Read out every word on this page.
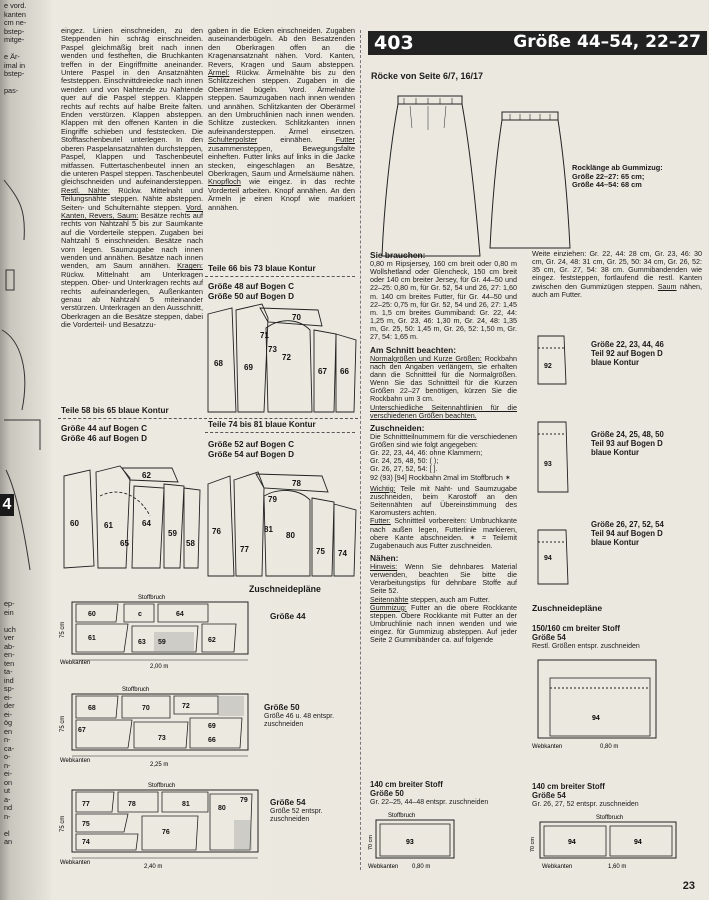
e vord.
kanten
cm ne-
bstep-
mitge-

e Är-
imal in
bstep-

pas-
ep-
ein

uch
ver
ab-
en-
ten
ta-
ind
sp-
ei-
der
ei-
ög
en
n-
ca-
o-
n-
ei-
on
ut
a-
nd
n-

el
an
4

eingez. Linien einschneiden, zu den Steppenden hin schräg einschneiden. Paspel gleichmäßig breit nach innen wenden und festheften, die Bruchkanten treffen in der Eingriffmitte aneinander. Untere Paspel in den Ansatznähten feststeppen. Einschnittdreiecke nach innen wenden und von Nahtende zu Nahtende quer auf die Paspel steppen. Klappen rechts auf rechts auf halbe Breite falten. Enden verstürzen. Klappen absteppen. Klappen mit den offenen Kanten in die Eingriffe schieben und feststecken. Die Stofftaschenbeutel unterlegen. In den oberen Paspelansatznähten durchsteppen, Paspel, Klappen und Taschenbeutel mitfassen. Futtertaschenbeutel innen an die unteren Paspel steppen. Taschenbeutel gleichschneiden und aufeinandersteppen. Restl. Nähte: Rückw. Mittelnaht und Teilungsnähte steppen. Nähte absteppen. Seiten- und Schulternähte steppen. Vord. Kanten, Revers, Saum: Besätze rechts auf rechts von Nahtzahl 5 bis zur Saumkante auf die Vorderteile steppen. Zugaben bei Nahtzahl 5 einschneiden. Besätze nach vorn legen. Saumzugabe nach innen wenden und annähen. Besätze nach innen wenden, am Saum annähen. Kragen: Rückw. Mittelnaht am Unterkragen steppen. Ober- und Unterkragen rechts auf rechts aufeinanderlegen, Außenkanten genau ab Nahtzahl 5 miteinander verstürzen. Unterkragen an den Ausschnitt, Oberkragen an die Besätze steppen, dabei die Vorderteil- und Besatzzu-

Teile 58 bis 65 blaue Kontur
Größe 44 auf Bogen C
Größe 46 auf Bogen D

gaben in die Ecken einschneiden. Zugaben auseinanderbügeln. Ab den Besatzenden den Oberkragen offen an die Kragenansatznaht nähen. Vord. Kanten, Revers, Kragen und Saum absteppen. Ärmel: Rückw. Ärmelnähte bis zu den Schlitzzeichen steppen. Zugaben in die Oberärmel bügeln. Vord. Ärmelnähte steppen. Saumzugaben nach innen wenden und annähen. Schlitzkanten der Oberärmel an den Umbruchlinien nach innen wenden. Schlitze zustecken. Schlitzkanten innen aufeinandersteppen. Ärmel einsetzen. Schulterpolster einnähen.	Futter zusammensteppen, Bewegungsfalte einheften. Futter links auf links in die Jacke stecken, eingeschlagen an Besätze, Oberkragen, Saum und Ärmelsäume nähen. Knopfloch wie eingez. in das rechte Vorderteil arbeiten. Knopf annähen. An den Ärmeln je einen Knopf wie markiert annähen.

Teile 66 bis 73 blaue Kontur
Größe 48 auf Bogen C
Größe 50 auf Bogen D
Teile 74 bis 81 blaue Kontur
Größe 52 auf Bogen C
Größe 54 auf Bogen D
60	61
62
64
59
58
65
68	69
70
72
73
71
67 66
76
77
78
79
81
80
75 74
Zuschneidepläne
Stoffbruch
60
61
c	64
59	62
63
75 cm
Webkanten
2,00 m
Größe 44
Stoffbruch
68	70
67
73
69
66
72
75 cm
Webkanten
2,25 m
Größe 50
Größe 46 u. 48 entspr. zuschneiden
Stoffbruch
77
75
74
78	81
76
80
79
75 cm
Webkanten
2,40 m
Größe 54
Größe 52 entspr. zuschneiden
403	Größe 44–54, 22–27
Röcke von Seite 6/7, 16/17
Rocklänge ab Gummizug:
Größe 22–27: 65 cm;
Größe 44–54: 68 cm

Sie brauchen:

0,80 m Ripsjersey, 160 cm breit oder 0,80 m Wollshetland oder Glencheck, 150 cm breit oder 140 cm breiter Jersey, für Gr. 44–50 und 22–25: 0,80 m, für Gr. 52, 54 und 26, 27: 1,60 m. 140 cm breites Futter, für Gr. 44–50 und 22–25: 0,75 m, für Gr. 52, 54 und 26, 27: 1,45 m. 1,5 cm breites Gummiband: Gr. 22, 44: 1,25 m, Gr. 23, 46: 1,30 m, Gr. 24, 48: 1,35 m, Gr. 25, 50: 1,45 m, Gr. 26, 52: 1,50 m, Gr. 27, 54: 1,65 m.

Am Schnitt beachten:

Normalgrößen und Kurze Größen: Rockbahn nach den Angaben verlängern, sie erhalten dann die Schnittteil für die Normalgrößen. Wenn Sie das Schnittteil für die Kurzen Größen 22–27 benötigen, kürzen Sie die Rockbahn um 3 cm.

Unterschiedliche Seitennahtlinien für die verschiedenen Größen beachten.

Zuschneiden:

Die Schnittteilnummern für die verschiedenen Größen sind wie folgt angegeben:

Gr. 22, 23, 44, 46: ohne Klammern;

Gr. 24, 25, 48, 50: ( );

Gr. 26, 27, 52, 54: [ ].

92 (93) [94] Rockbahn 2mal im Stoffbruch ✶

Wichtig: Teile mit Naht- und Saumzugabe zuschneiden, beim Karostoff an den Seitennähten auf Übereinstimmung des Karomusters achten.

Futter: Schnittteil vorbereiten: Umbruchkante nach außen legen, Futterlinie markieren, obere Kante abschneiden. ✶ = Teilemit Zugabenauch aus Futter zuschneiden.

Nähen:

Hinweis: Wenn Sie dehnbares Material verwenden, beachten Sie bitte die Verarbeitungstips für dehnbare Stoffe auf Seite 52.

Seitennähte steppen, auch am Futter.

Gummizug: Futter an die obere Rockkante steppen. Obere Rockkante mit Futter an der Umbruchlinie nach innen wenden und wie eingez. für Gummizug absteppen. Auf jeder Seite 2 Gummibänder ca. auf folgende

Weite einziehen: Gr. 22, 44: 28 cm, Gr. 23, 46: 30 cm, Gr. 24, 48: 31 cm, Gr. 25, 50: 34 cm, Gr. 26, 52: 35 cm, Gr. 27, 54: 38 cm. Gummibandenden wie eingez. feststeppen, fortlaufend die restl. Kanten zwischen den Gummizügen steppen. Saum nähen, auch am Futter.

92
93
94
Größe 22, 23, 44, 46
Teil 92 auf Bogen D
blaue Kontur
Größe 24, 25, 48, 50
Teil 93 auf Bogen D
blaue Kontur
Größe 26, 27, 52, 54
Teil 94 auf Bogen D
blaue Kontur
Zuschneidepläne
150/160 cm breiter Stoff
Größe 54
Restl. Größen entspr. zuschneiden
94
Webkanten	0,80 m
140 cm breiter Stoff
Größe 50
Gr. 22–25, 44–48 entspr. zuschneiden
Stoffbruch
93
70 cm
Webkanten 0,80 m
140 cm breiter Stoff
Größe 54
Gr. 26, 27, 52 entspr. zuschneiden
Stoffbruch
94	94
70 cm
Webkanten	1,60 m
23
